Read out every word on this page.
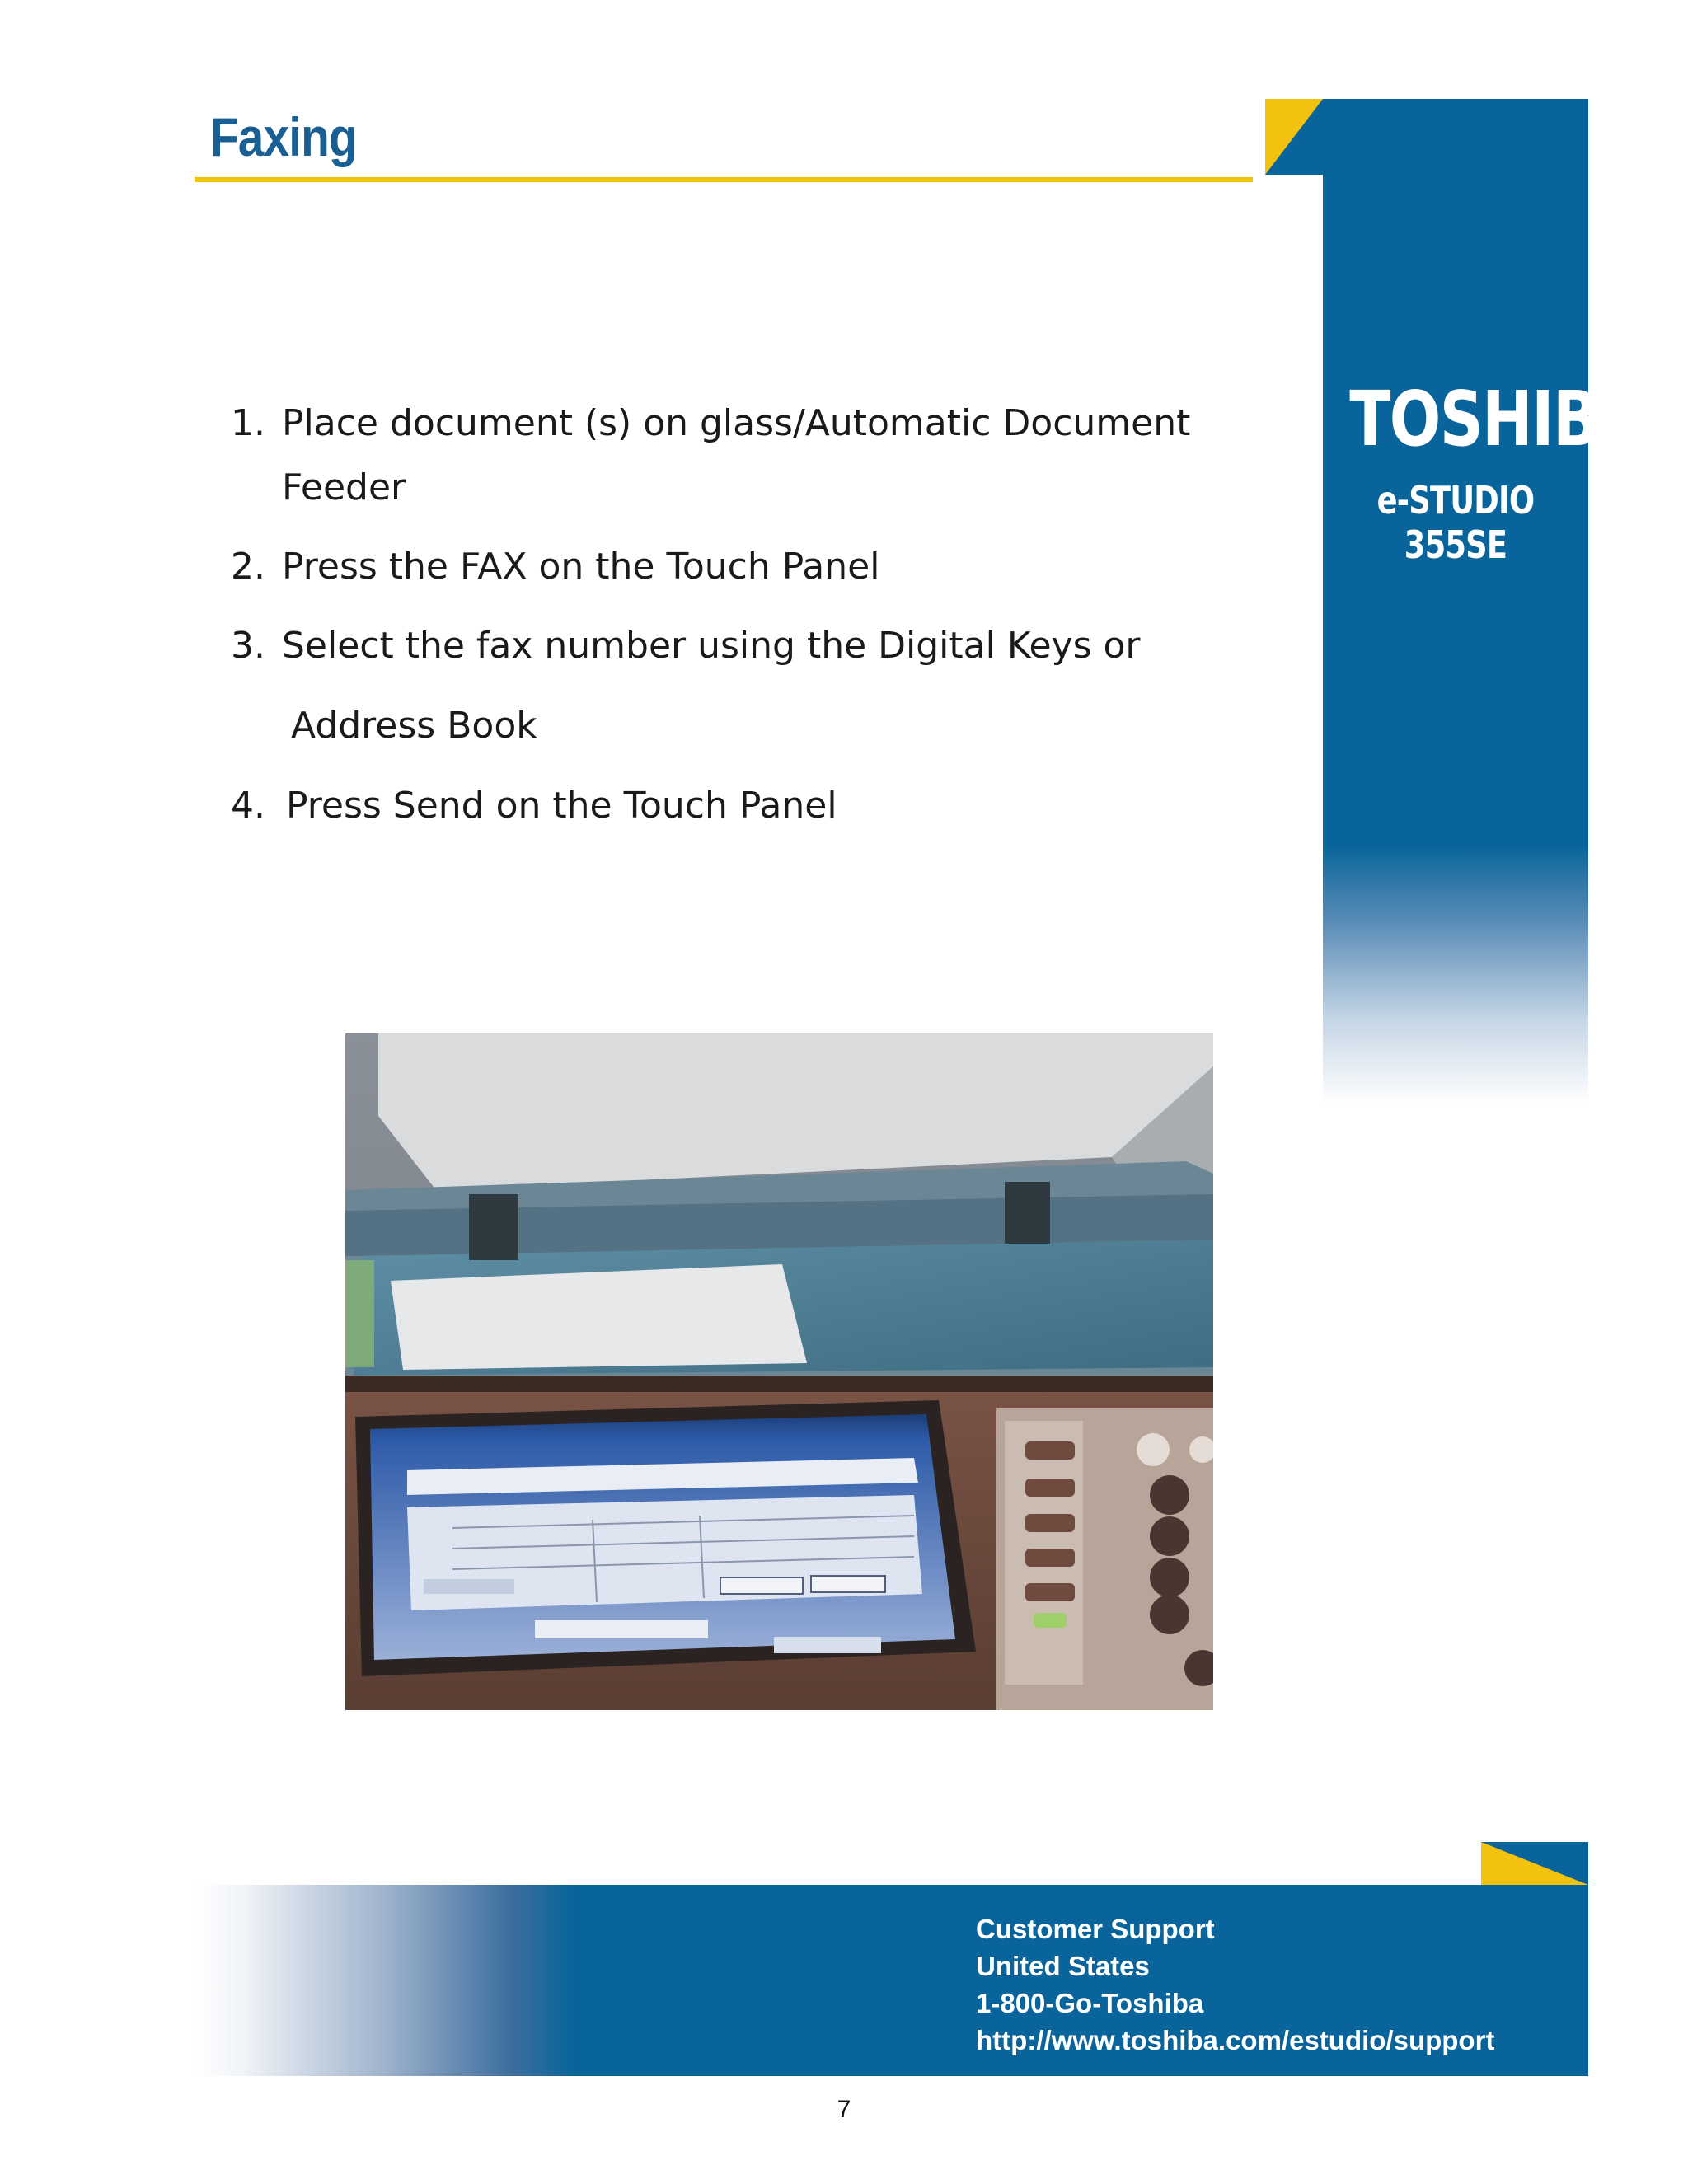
Faxing

TOSHIBA

e-STUDIO 355SE

1. Place document (s) on glass/Automatic Document
Feeder
2. Press the FAX on the Touch Panel
3. Select the fax number using the Digital Keys or
Address Book
4. Press Send on the Touch Panel
Customer Support
United States
1-800-Go-Toshiba
http://www.toshiba.com/estudio/support
7
